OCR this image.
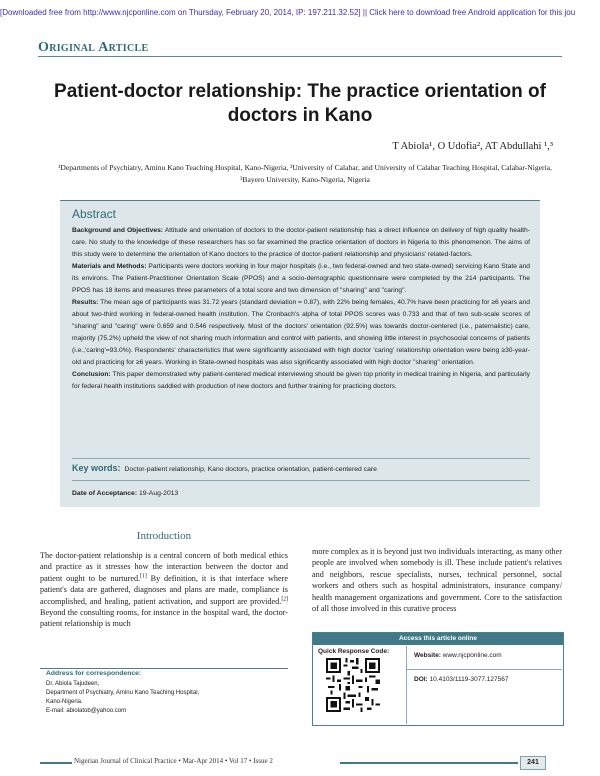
[Downloaded free from http://www.njcponline.com on Thursday, February 20, 2014, IP: 197.211.32.52] || Click here to download free Android application for this jou
Original Article
Patient-doctor relationship: The practice orientation of doctors in Kano
T Abiola¹, O Udofia², AT Abdullahi ¹,³
¹Departments of Psychiatry, Aminu Kano Teaching Hospital, Kano-Nigeria, ²University of Calabar, and University of Calabar Teaching Hospital, Calabar-Nigeria, ³Bayero University, Kano-Nigeria, Nigeria
Abstract

Background and Objectives: Attitude and orientation of doctors to the doctor-patient relationship has a direct influence on delivery of high quality health-care. No study to the knowledge of these researchers has so far examined the practice orientation of doctors in Nigeria to this phenomenon. The aims of this study were to determine the orientation of Kano doctors to the practice of doctor-patient relationship and physicians' related-factors.

Materials and Methods: Participants were doctors working in four major hospitals (i.e., two federal-owned and two state-owned) servicing Kano State and its environs. The Patient-Practitioner Orientation Scale (PPOS) and a socio-demographic questionnaire were completed by the 214 participants. The PPOS has 18 items and measures three parameters of a total score and two dimension of "sharing" and "caring".

Results: The mean age of participants was 31.72 years (standard deviation = 0.87), with 22% being females, 40.7% have been practicing for ≥6 years and about two-third working in federal-owned health institution. The Cronbach's alpha of total PPOS scores was 0.733 and that of two sub-scale scores of "sharing" and "caring" were 0.659 and 0.546 respectively. Most of the doctors' orientation (92.5%) was towards doctor-centered (i.e., paternalistic) care, majority (75.2%) upheld the view of not sharing much information and control with patients, and showing little interest in psychosocial concerns of patients (i.e.,'caring'=93.0%). Respondents' characteristics that were significantly associated with high doctor 'caring' relationship orientation were being ≥30-year-old and practicing for ≥6 years. Working in State-owned hospitals was also significantly associated with high doctor "sharing" orientation.

Conclusion: This paper demonstrated why patient-centered medical interviewing should be given top priority in medical training in Nigeria, and particularly for federal health institutions saddled with production of new doctors and further training for practicing doctors.

Key words: Doctor-patient relationship, Kano doctors, practice orientation, patient-centered care
Date of Acceptance: 19-Aug-2013
Introduction
The doctor-patient relationship is a central concern of both medical ethics and practice as it stresses how the interaction between the doctor and patient ought to be nurtured.[1] By definition, it is that interface where patient's data are gathered, diagnoses and plans are made, compliance is accomplished, and healing, patient activation, and support are provided.[2] Beyond the consulting rooms, for instance in the hospital ward, the doctor-patient relationship is much
more complex as it is beyond just two individuals interacting, as many other people are involved when somebody is ill. These include patient's relatives and neighbors, rescue specialists, nurses, technical personnel, social workers and others such as hospital administrators, insurance company/ health management organizations and government. Core to the satisfaction of all those involved in this curative process
Address for correspondence:
Dr. Abiola Tajudeen,
Department of Psychiatry, Aminu Kano Teaching Hospital,
Kano-Nigeria.
E-mail: abiolatob@yahoo.com
Access this article online
Quick Response Code:
Website: www.njcponline.com
DOI: 10.4103/1119-3077.127567
Nigerian Journal of Clinical Practice • Mar-Apr 2014 • Vol 17 • Issue 2	241
